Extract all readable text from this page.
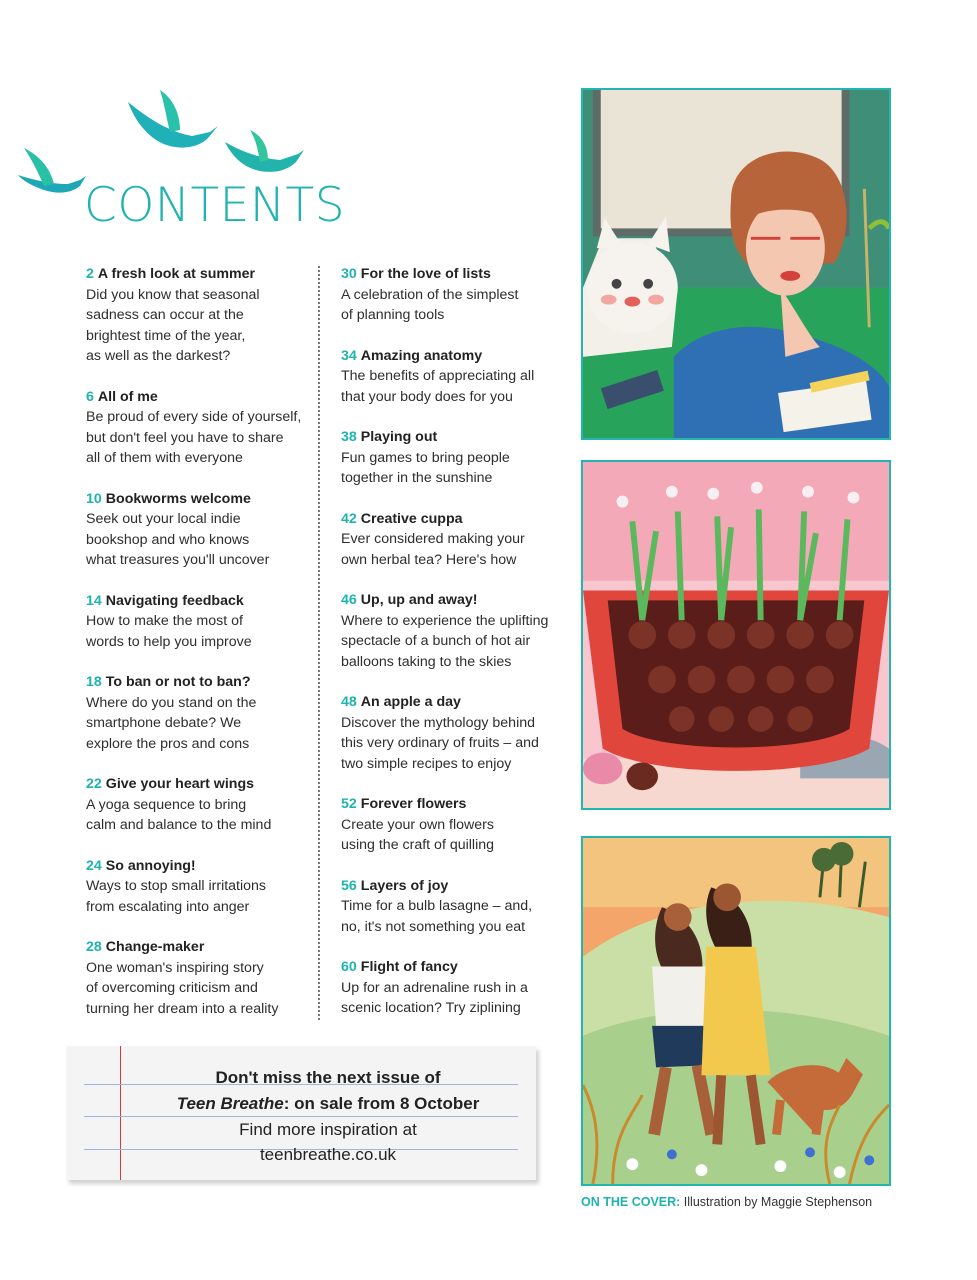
CONTENTS
2 A fresh look at summer
Did you know that seasonal
sadness can occur at the
brightest time of the year,
as well as the darkest?
6 All of me
Be proud of every side of yourself,
but don't feel you have to share
all of them with everyone
10 Bookworms welcome
Seek out your local indie
bookshop and who knows
what treasures you'll uncover
14 Navigating feedback
How to make the most of
words to help you improve
18 To ban or not to ban?
Where do you stand on the
smartphone debate? We
explore the pros and cons
22 Give your heart wings
A yoga sequence to bring
calm and balance to the mind
24 So annoying!
Ways to stop small irritations
from escalating into anger
28 Change-maker
One woman's inspiring story
of overcoming criticism and
turning her dream into a reality
30 For the love of lists
A celebration of the simplest
of planning tools
34 Amazing anatomy
The benefits of appreciating all
that your body does for you
38 Playing out
Fun games to bring people
together in the sunshine
42 Creative cuppa
Ever considered making your
own herbal tea? Here's how
46 Up, up and away!
Where to experience the uplifting
spectacle of a bunch of hot air
balloons taking to the skies
48 An apple a day
Discover the mythology behind
this very ordinary of fruits – and
two simple recipes to enjoy
52 Forever flowers
Create your own flowers
using the craft of quilling
56 Layers of joy
Time for a bulb lasagne – and,
no, it's not something you eat
60 Flight of fancy
Up for an adrenaline rush in a
scenic location? Try ziplining
Don't miss the next issue of
Teen Breathe: on sale from 8 October
Find more inspiration at
teenbreathe.co.uk
ON THE COVER: Illustration by Maggie Stephenson
